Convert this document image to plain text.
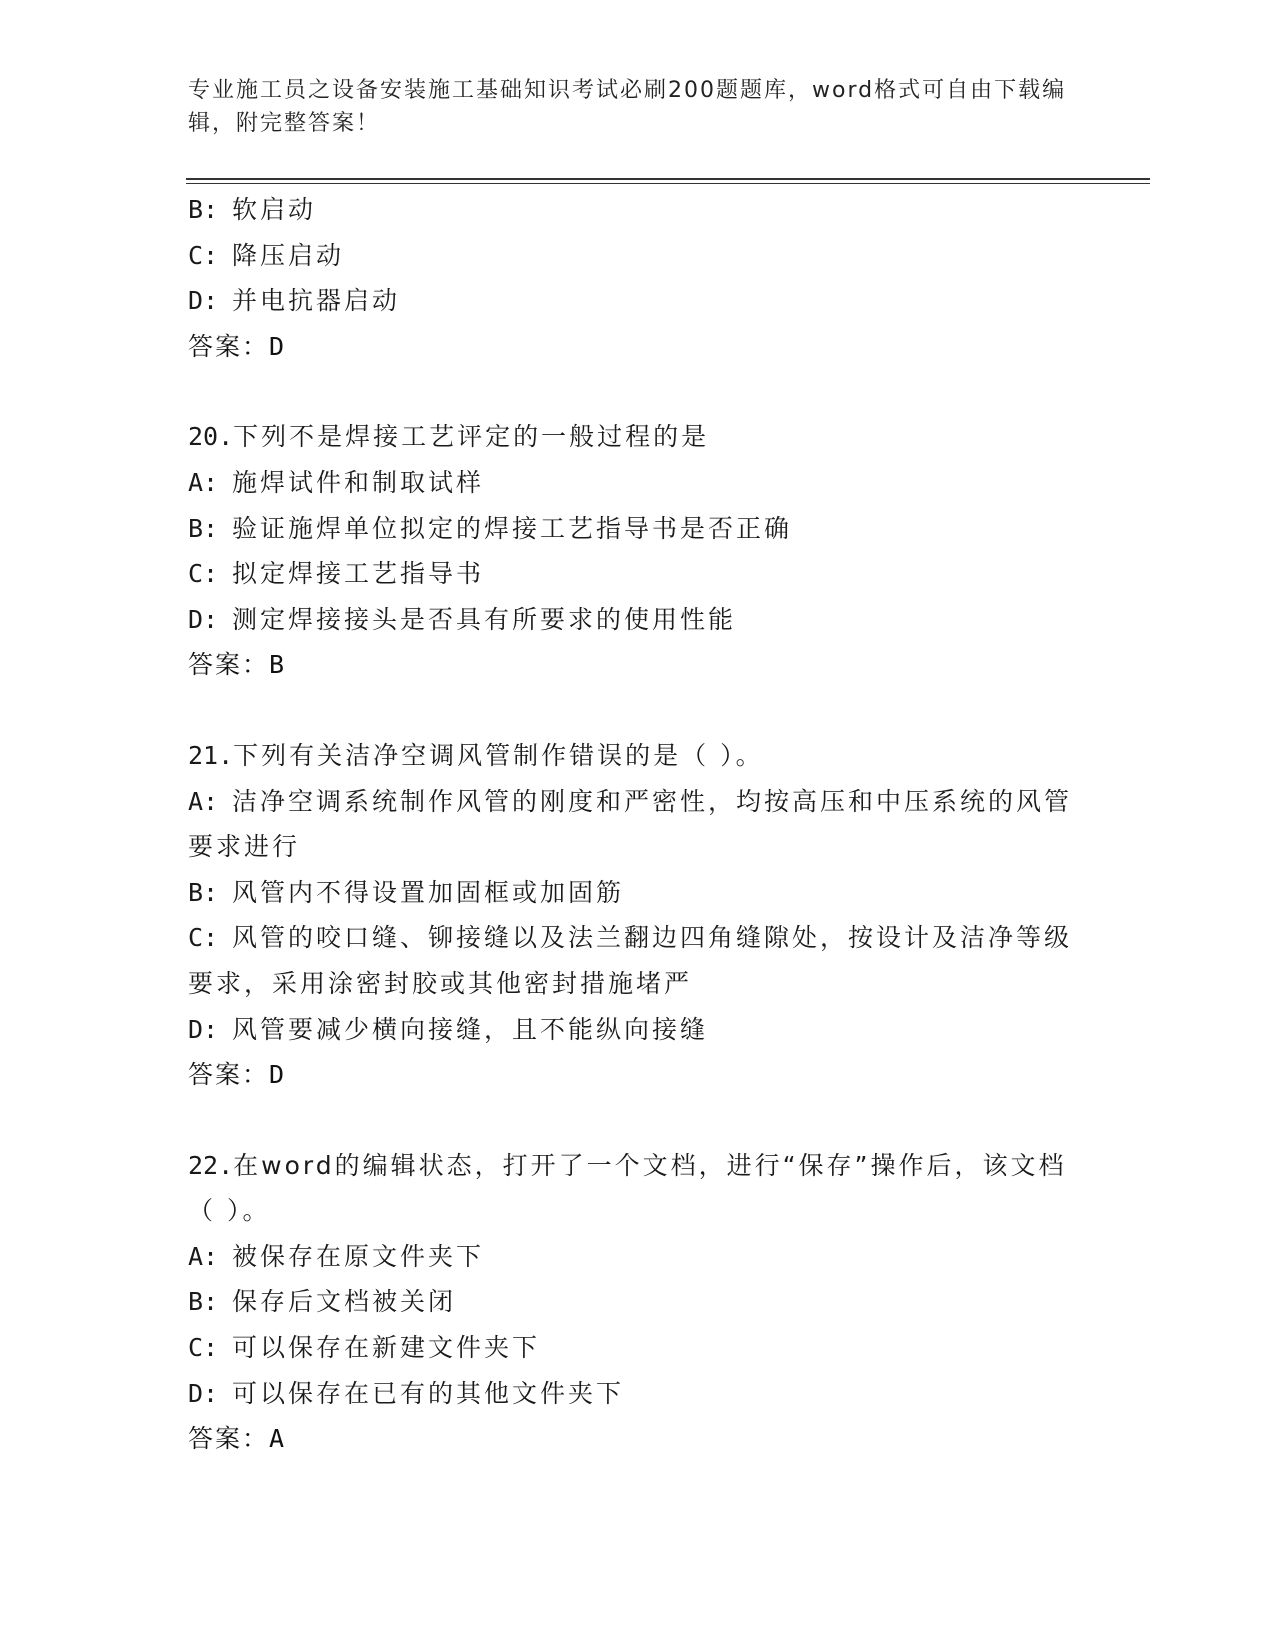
专业施工员之设备安装施工基础知识考试必刷200题题库，word格式可自由下载编辑，附完整答案！
B: 软启动
C: 降压启动
D: 并电抗器启动
答案：D
20.下列不是焊接工艺评定的一般过程的是
A: 施焊试件和制取试样
B: 验证施焊单位拟定的焊接工艺指导书是否正确
C: 拟定焊接工艺指导书
D: 测定焊接接头是否具有所要求的使用性能
答案：B
21.下列有关洁净空调风管制作错误的是（ ）。
A: 洁净空调系统制作风管的刚度和严密性，均按高压和中压系统的风管要求进行
B: 风管内不得设置加固框或加固筋
C: 风管的咬口缝、铆接缝以及法兰翻边四角缝隙处，按设计及洁净等级要求，采用涂密封胶或其他密封措施堵严
D: 风管要减少横向接缝，且不能纵向接缝
答案：D
22.在word的编辑状态，打开了一个文档，进行“保存”操作后，该文档（ ）。
A: 被保存在原文件夹下
B: 保存后文档被关闭
C: 可以保存在新建文件夹下
D: 可以保存在已有的其他文件夹下
答案：A
